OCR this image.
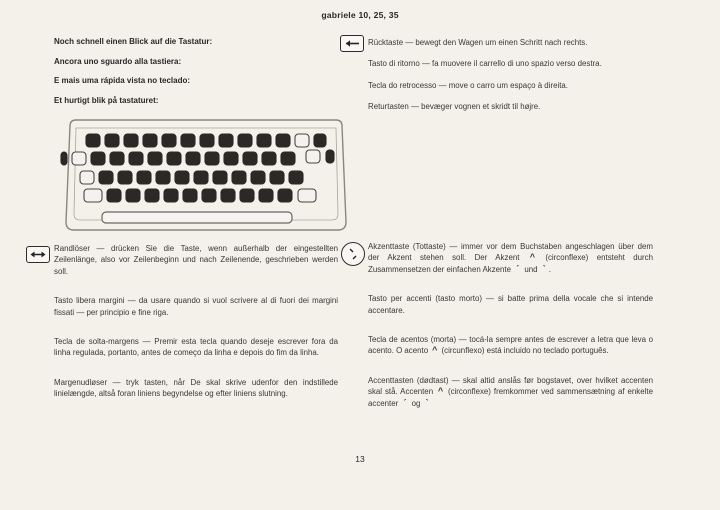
gabriele 10, 25, 35
Noch schnell einen Blick auf die Tastatur:
Ancora uno sguardo alla tastiera:
E mais uma rápida vista no teclado:
Et hurtigt blik på tastaturet:

Rücktaste — bewegt den Wagen um einen Schritt nach rechts.

Tasto di ritorno — fa muovere il carrello di uno spazio verso destra.

Tecla do retrocesso — move o carro um espaço à direita.

Returtasten — bevæger vognen et skridt til højre.

Randlöser — drücken Sie die Taste, wenn außerhalb der eingestellten Zeilenlänge, also vor Zeilenbeginn und nach Zeilenende, geschrieben werden soll.

Tasto libera margini — da usare quando si vuol scrivere al di fuori dei margini fissati — per principio e fine riga.

Tecla de solta-margens — Premir esta tecla quando deseje escrever fora da linha regulada, portanto, antes de começo da linha e depois do fim da linha.

Margenudløser — tryk tasten, når De skal skrive udenfor den indstillede linielængde, altså foran liniens begyndelse og efter liniens slutning.

Akzenttaste (Tottaste) — immer vor dem Buchstaben angeschlagen über dem der Akzent stehen soll. Der Akzent ^ (circonflexe) entsteht durch Zusammensetzen der einfachen Akzente ´ und ` .

Tasto per accenti (tasto morto) — si batte prima della vocale che si intende accentare.

Tecla de acentos (morta) — tocá-la sempre antes de escrever a letra que leva o acento. O acento ^ (circunflexo) está incluido no teclado português.

Accenttasten (dødtast) — skal altid anslås før bogstavet, over hvilket accenten skal stå. Accenten ^ (circonflexe) fremkommer ved sammensætning af enkelte accenter ´ og `

13
